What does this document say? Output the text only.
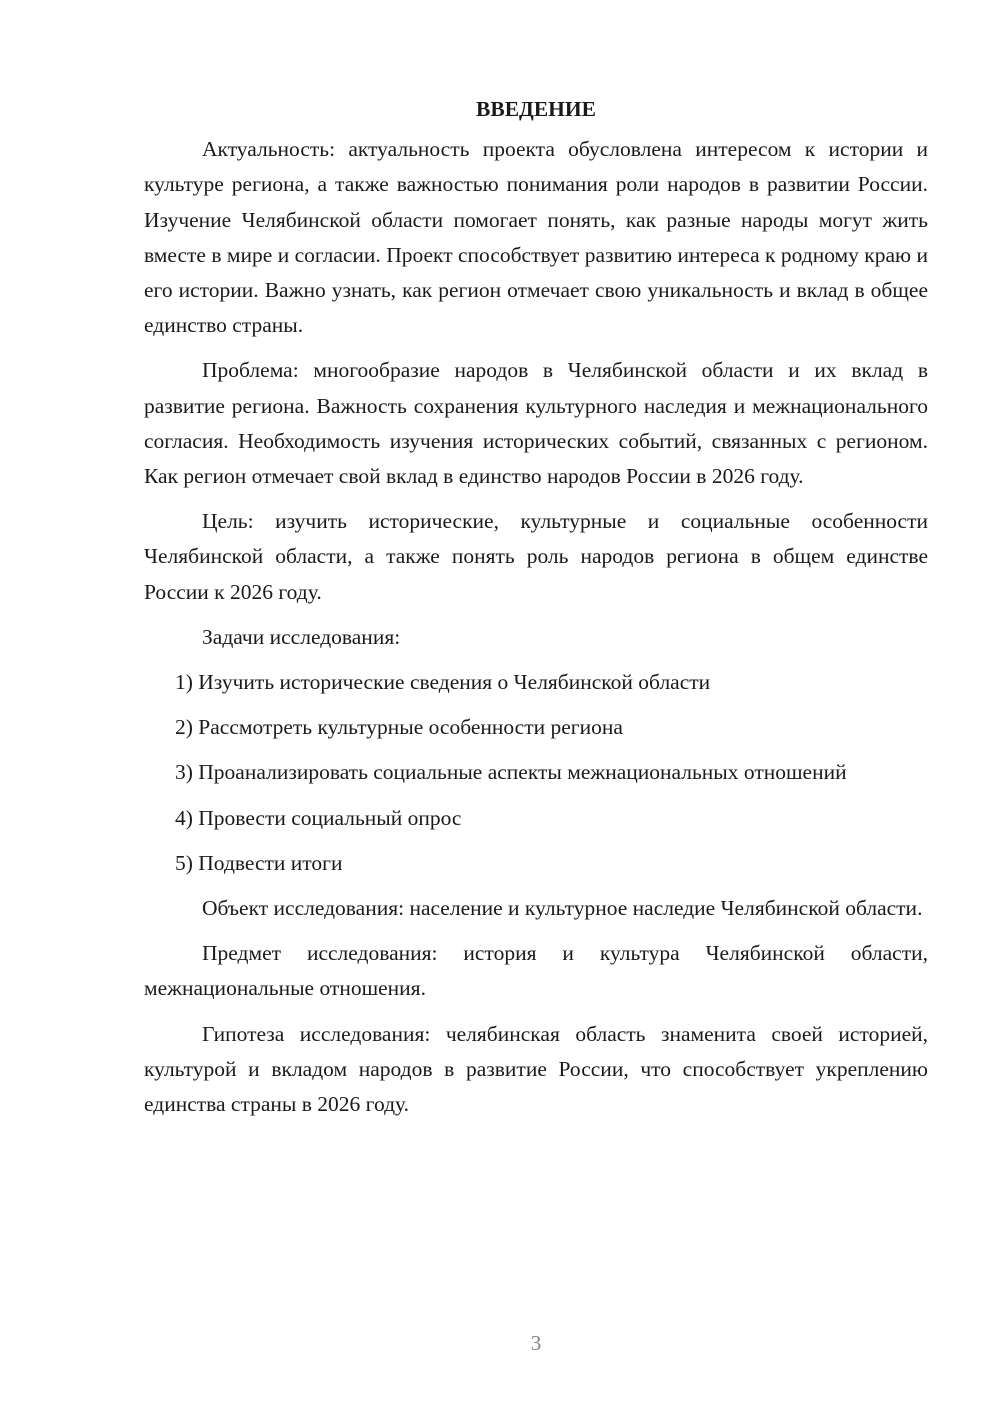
ВВЕДЕНИЕ

Актуальность: актуальность проекта обусловлена интересом к истории и культуре региона, а также важностью понимания роли народов в развитии России. Изучение Челябинской области помогает понять, как разные народы могут жить вместе в мире и согласии. Проект способствует развитию интереса к родному краю и его истории. Важно узнать, как регион отмечает свою уникальность и вклад в общее единство страны.

Проблема: многообразие народов в Челябинской области и их вклад в развитие региона. Важность сохранения культурного наследия и межнационального согласия. Необходимость изучения исторических событий, связанных с регионом. Как регион отмечает свой вклад в единство народов России в 2026 году.

Цель: изучить исторические, культурные и социальные особенности Челябинской области, а также понять роль народов региона в общем единстве России к 2026 году.

Задачи исследования:

1) Изучить исторические сведения о Челябинской области

2) Рассмотреть культурные особенности региона

3) Проанализировать социальные аспекты межнациональных отношений

4) Провести социальный опрос

5) Подвести итоги

Объект исследования: население и культурное наследие Челябинской области.

Предмет исследования: история и культура Челябинской области, межнациональные отношения.

Гипотеза исследования: челябинская область знаменита своей историей, культурой и вкладом народов в развитие России, что способствует укреплению единства страны в 2026 году.

3
